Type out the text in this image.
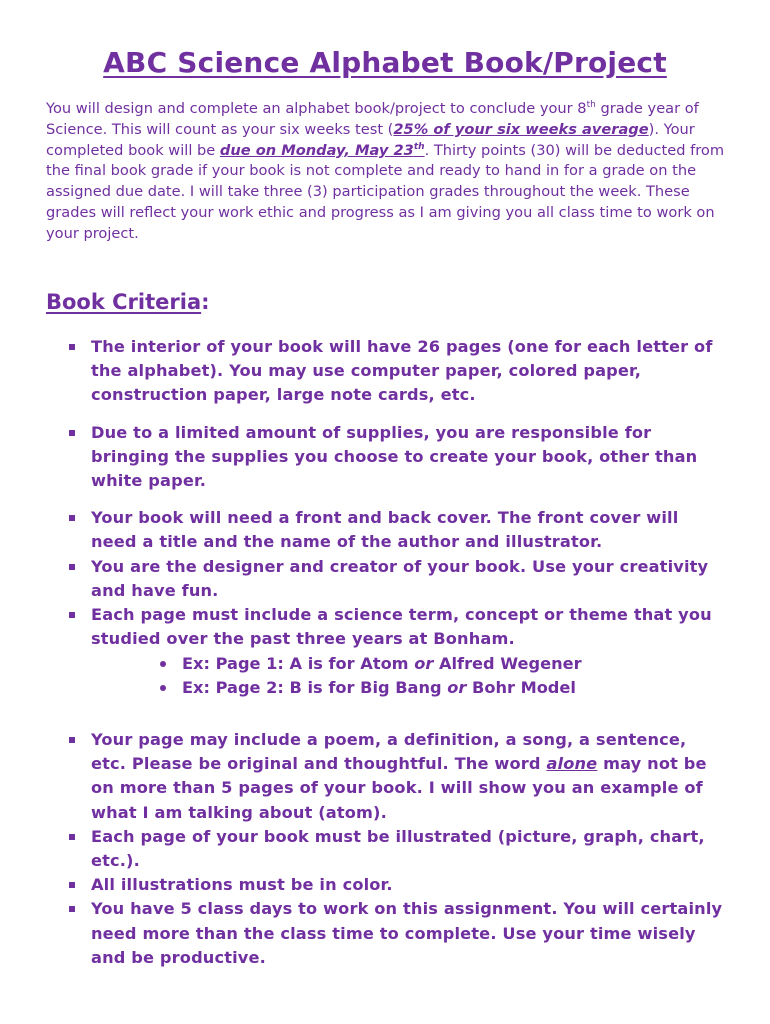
ABC Science Alphabet Book/Project

You will design and complete an alphabet book/project to conclude your 8th grade year of Science. This will count as your six weeks test (25% of your six weeks average). Your completed book will be due on Monday, May 23th. Thirty points (30) will be deducted from the final book grade if your book is not complete and ready to hand in for a grade on the assigned due date. I will take three (3) participation grades throughout the week. These grades will reflect your work ethic and progress as I am giving you all class time to work on your project.

Book Criteria:
The interior of your book will have 26 pages (one for each letter of the alphabet). You may use computer paper, colored paper, construction paper, large note cards, etc.
Due to a limited amount of supplies, you are responsible for bringing the supplies you choose to create your book, other than white paper.
Your book will need a front and back cover. The front cover will need a title and the name of the author and illustrator.
You are the designer and creator of your book. Use your creativity and have fun.
Each page must include a science term, concept or theme that you studied over the past three years at Bonham.
Ex: Page 1: A is for Atom or Alfred Wegener
Ex: Page 2: B is for Big Bang or Bohr Model
Your page may include a poem, a definition, a song, a sentence, etc. Please be original and thoughtful. The word alone may not be on more than 5 pages of your book. I will show you an example of what I am talking about (atom).
Each page of your book must be illustrated (picture, graph, chart, etc.).
All illustrations must be in color.
You have 5 class days to work on this assignment. You will certainly need more than the class time to complete. Use your time wisely and be productive.
